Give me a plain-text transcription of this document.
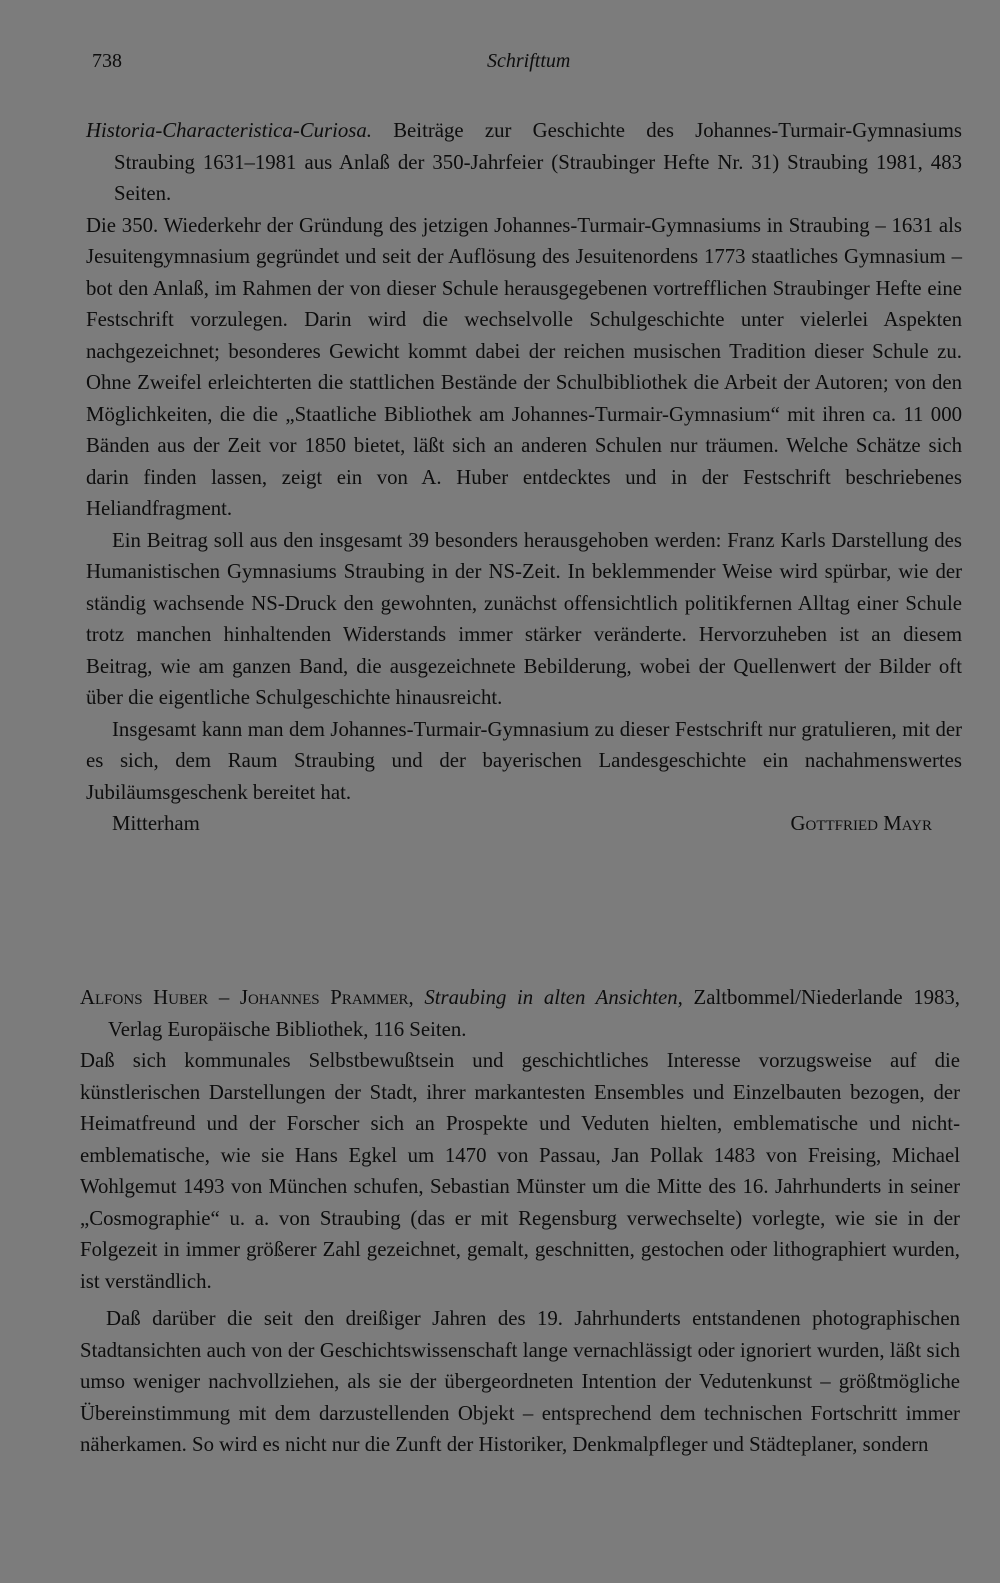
738	Schrifttum

Historia-Characteristica-Curiosa. Beiträge zur Geschichte des Johannes-Turmair-Gymnasiums Straubing 1631–1981 aus Anlaß der 350-Jahrfeier (Straubinger Hefte Nr. 31) Straubing 1981, 483 Seiten.

Die 350. Wiederkehr der Gründung des jetzigen Johannes-Turmair-Gymnasiums in Straubing – 1631 als Jesuitengymnasium gegründet und seit der Auflösung des Jesuitenordens 1773 staatliches Gymnasium – bot den Anlaß, im Rahmen der von dieser Schule herausgegebenen vortrefflichen Straubinger Hefte eine Festschrift vorzulegen. Darin wird die wechselvolle Schulgeschichte unter vielerlei Aspekten nachgezeichnet; besonderes Gewicht kommt dabei der reichen musischen Tradition dieser Schule zu. Ohne Zweifel erleichterten die stattlichen Bestände der Schulbibliothek die Arbeit der Autoren; von den Möglichkeiten, die die „Staatliche Bibliothek am Johannes-Turmair-Gymnasium“ mit ihren ca. 11 000 Bänden aus der Zeit vor 1850 bietet, läßt sich an anderen Schulen nur träumen. Welche Schätze sich darin finden lassen, zeigt ein von A. Huber entdecktes und in der Festschrift beschriebenes Heliandfragment.

Ein Beitrag soll aus den insgesamt 39 besonders herausgehoben werden: Franz Karls Darstellung des Humanistischen Gymnasiums Straubing in der NS-Zeit. In beklemmender Weise wird spürbar, wie der ständig wachsende NS-Druck den gewohnten, zunächst offensichtlich politikfernen Alltag einer Schule trotz manchen hinhaltenden Widerstands immer stärker veränderte. Hervorzuheben ist an diesem Beitrag, wie am ganzen Band, die ausgezeichnete Bebilderung, wobei der Quellenwert der Bilder oft über die eigentliche Schulgeschichte hinausreicht.

Insgesamt kann man dem Johannes-Turmair-Gymnasium zu dieser Festschrift nur gratulieren, mit der es sich, dem Raum Straubing und der bayerischen Landesgeschichte ein nachahmenswertes Jubiläumsgeschenk bereitet hat.

Mitterham	Gottfried Mayr

Alfons Huber – Johannes Prammer, Straubing in alten Ansichten, Zaltbommel/Niederlande 1983, Verlag Europäische Bibliothek, 116 Seiten.

Daß sich kommunales Selbstbewußtsein und geschichtliches Interesse vorzugsweise auf die künstlerischen Darstellungen der Stadt, ihrer markantesten Ensembles und Einzelbauten bezogen, der Heimatfreund und der Forscher sich an Prospekte und Veduten hielten, emblematische und nicht-emblematische, wie sie Hans Egkel um 1470 von Passau, Jan Pollak 1483 von Freising, Michael Wohlgemut 1493 von München schufen, Sebastian Münster um die Mitte des 16. Jahrhunderts in seiner „Cosmographie“ u. a. von Straubing (das er mit Regensburg verwechselte) vorlegte, wie sie in der Folgezeit in immer größerer Zahl gezeichnet, gemalt, geschnitten, gestochen oder lithographiert wurden, ist verständlich.

Daß darüber die seit den dreißiger Jahren des 19. Jahrhunderts entstandenen photographischen Stadtansichten auch von der Geschichtswissenschaft lange vernachlässigt oder ignoriert wurden, läßt sich umso weniger nachvollziehen, als sie der übergeordneten Intention der Vedutenkunst – größtmögliche Übereinstimmung mit dem darzustellenden Objekt – entsprechend dem technischen Fortschritt immer näherkamen. So wird es nicht nur die Zunft der Historiker, Denkmalpfleger und Städteplaner, sondern
